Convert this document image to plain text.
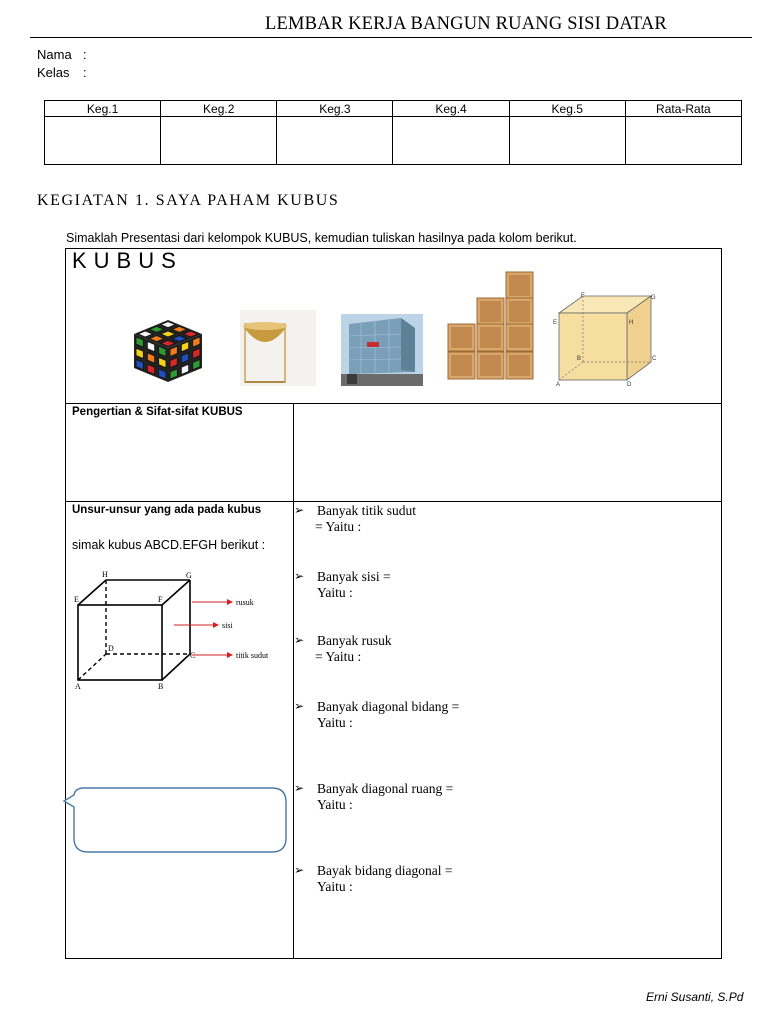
LEMBAR KERJA BANGUN RUANG SISI DATAR
Nama :
Kelas :
Keg.1	Keg.2	Keg.3	Keg.4	Keg.5	Rata-Rata

KEGIATAN 1. SAYA PAHAM KUBUS
Simaklah Presentasi dari kelompok KUBUS, kemudian tuliskan hasilnya pada kolom berikut.
KUBUS
F	G
E	H
B	C
A	D
Pengertian & Sifat-sifat KUBUS
Unsur-unsur yang ada pada kubus
simak kubus ABCD.EFGH berikut :
H	G
E	F
D
C
A	B
rusuk
sisi
titik sudut
➢ Banyak titik sudut
= Yaitu :
➢ Banyak sisi =
Yaitu :
➢ Banyak rusuk
= Yaitu :
➢ Banyak diagonal bidang =
Yaitu :
➢ Banyak diagonal ruang =
Yaitu :
➢ Bayak bidang diagonal =
Yaitu :
Erni Susanti, S.Pd
